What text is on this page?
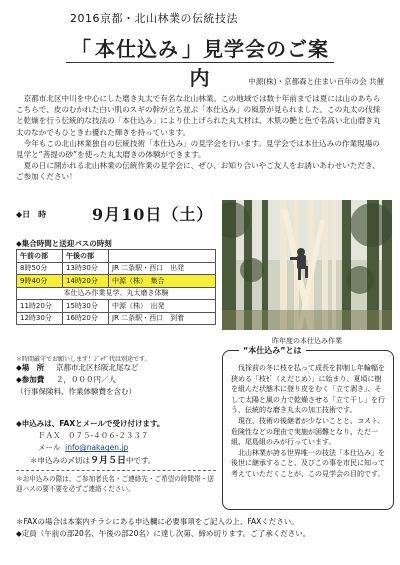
2016京都・北山林業の伝統技法
「 本仕込み 」見学会のご案内	中源(株)・京都森と住まい百年の会 共催

京都市北区中川を中心にした磨き丸太で有名な北山林業。この地域では数十年前までは夏には山のあちらこちらで、皮のむかれた白い肌のスギの幹が立ち並ぶ「本仕込み」の風景が見られました。この丸太の伐採と乾燥を行う伝統的な技法の「本仕込み」により仕上げられた丸太材は、木肌の艶と色で名高い北山磨き丸太のなかでもひときわ優れた輝きを持っています。

今年もこの北山林業独自の伝統技術「本仕込み」の見学会を行います。見学会では本仕込みの作業現場の見学と“菩提の砂”を使った丸太磨きの体験ができます。

夏の日に開かれる北山林業の伝統作業の見学会に、ぜひ、お知り合いやご友人をお誘いあわせいただき、ご参加ください！

◆日　時	9月10日（土）
◆集合時間と送迎バスの時刻
午前の部	午後の部	
8時50分	13時30分	JR 二条駅・西口　出発
9時40分	14時20分	中源（株）　集合
本仕込み作業見学、丸太磨き体験		
11時20分	15時30分	中源（株）　出発
12時30分	16時20分	JR 二条駅・西口　到着
＊時間厳守でお願いします！ｼﾞｬｹﾞ代は別途です。
◆場　所	京都市北区杉阪北尾など
◆参加費	２，０００円／人
（行事保険料、作業体験費を含む）
◆申込みは、FAXとメールで受け付けます。
ＦＡＸ　０７５-４０６-２３３７
メール info@nakagen.jp
＊申込みの〆切は９月５日中です。
＊お申込みの際は、ご参加者氏名・ご連絡先・ご希望の時間帯・送迎バスの要不要を必ずご連絡ください。
昨年度の本仕込み作業
“本仕込み”とは

伐採前の冬に枝を払って成長を抑制し年輪幅を狭める「枝ｾﾞ（えだじめ）」に始まり、夏頃に樹を組んだ状態木に登り皮をむく「立て剥き」、そして太陽と風の力で乾燥させる「立て干し」を行う、伝統的な磨き丸太の加工技術です。

現在、技術の後継者が少ないことと、コスト、危険性などの理由で実施が困難となり、ただ一組、尾島組のみが行っています。

北山林業が誇る世界唯一の技法「本仕込み」を後世に継承すること、及びこの事を市民に知って考えていただくことが、この見学会の目的です。

＊FAXの場合は本案内チラシにある申込欄に必要事項をご記入の上、FAXください。
◆定員（午前の部20名、午後の部20名）に達し次第、締め切ります。ご了承ください。
